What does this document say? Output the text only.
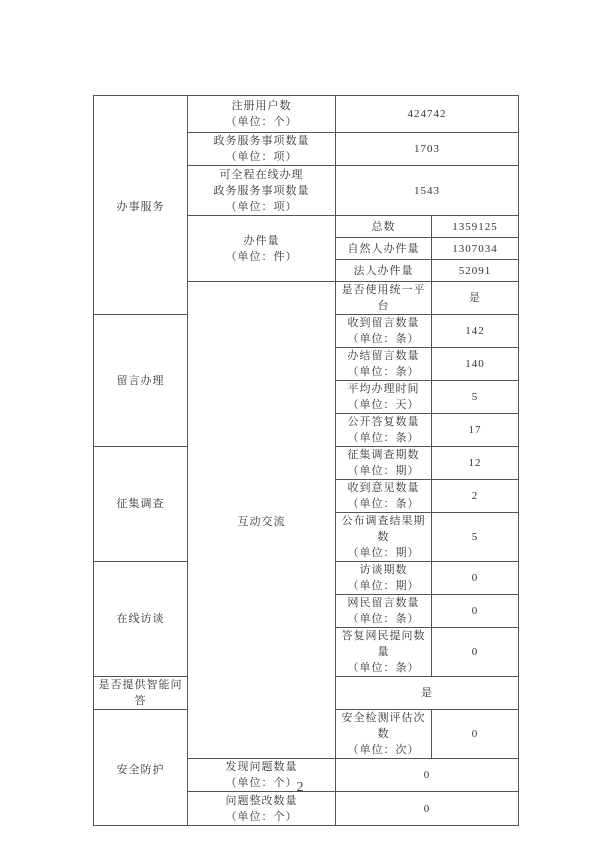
办事服务	注册用户数
（单位：个）	424742	

	政务服务事项数量
（单位：项）	1703	

	可全程在线办理
政务服务事项数量
（单位：项）	1543	

	办件量
（单位：件）	总数	1359125
		自然人办件量	1307034
		法人办件量	52091
	互动交流	是否使用统一平台	是
留言办理		收到留言数量
（单位：条）	142

		办结留言数量
（单位：条）	140

		平均办理时间
（单位：天）	5

		公开答复数量
（单位：条）	17
征集调查		征集调查期数
（单位：期）	12

		收到意见数量
（单位：条）	2

		公布调查结果期数
（单位：期）	5
在线访谈		访谈期数
（单位：期）	0

		网民留言数量
（单位：条）	0

		答复网民提问数量
（单位：条）	0
是否提供智能问答		是	
安全防护		安全检测评估次数
（单位：次）	0

	发现问题数量
（单位：个）	0	

	问题整改数量
（单位：个）	0	
2
